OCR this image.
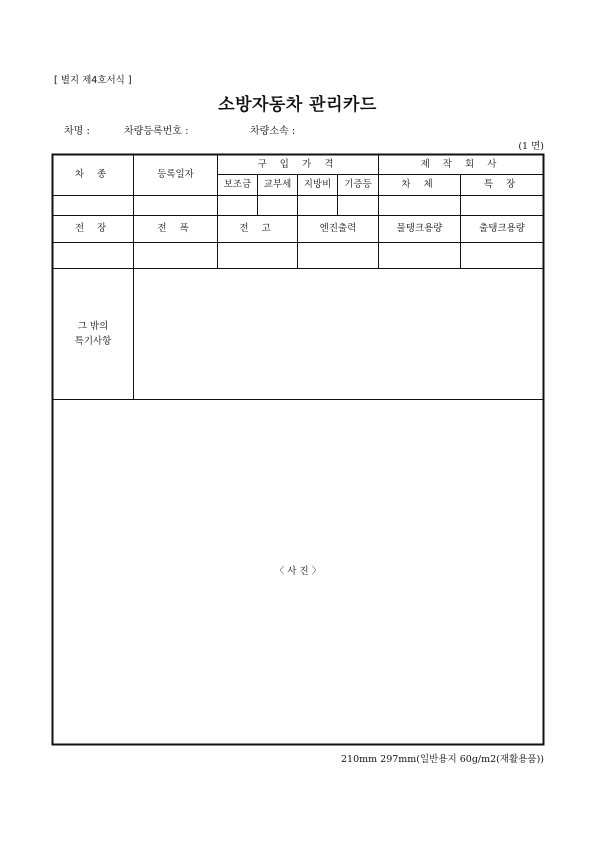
[ 별지 제4호서식 ]
소방자동차 관리카드
차명 :	차량등록번호 :	차량소속 :
(1 면)
차 종	등록일자
구 입 가 격	제 작 회 사
보조금	교부세	지방비	기증등	차 체	특 장
전 장	전 폭	전 고	엔진출력	물탱크용량	출탱크용량
그 밖의
특기사항
〈 사 진 〉
210mm 297mm(일반용지 60g/m2(재활용품))
